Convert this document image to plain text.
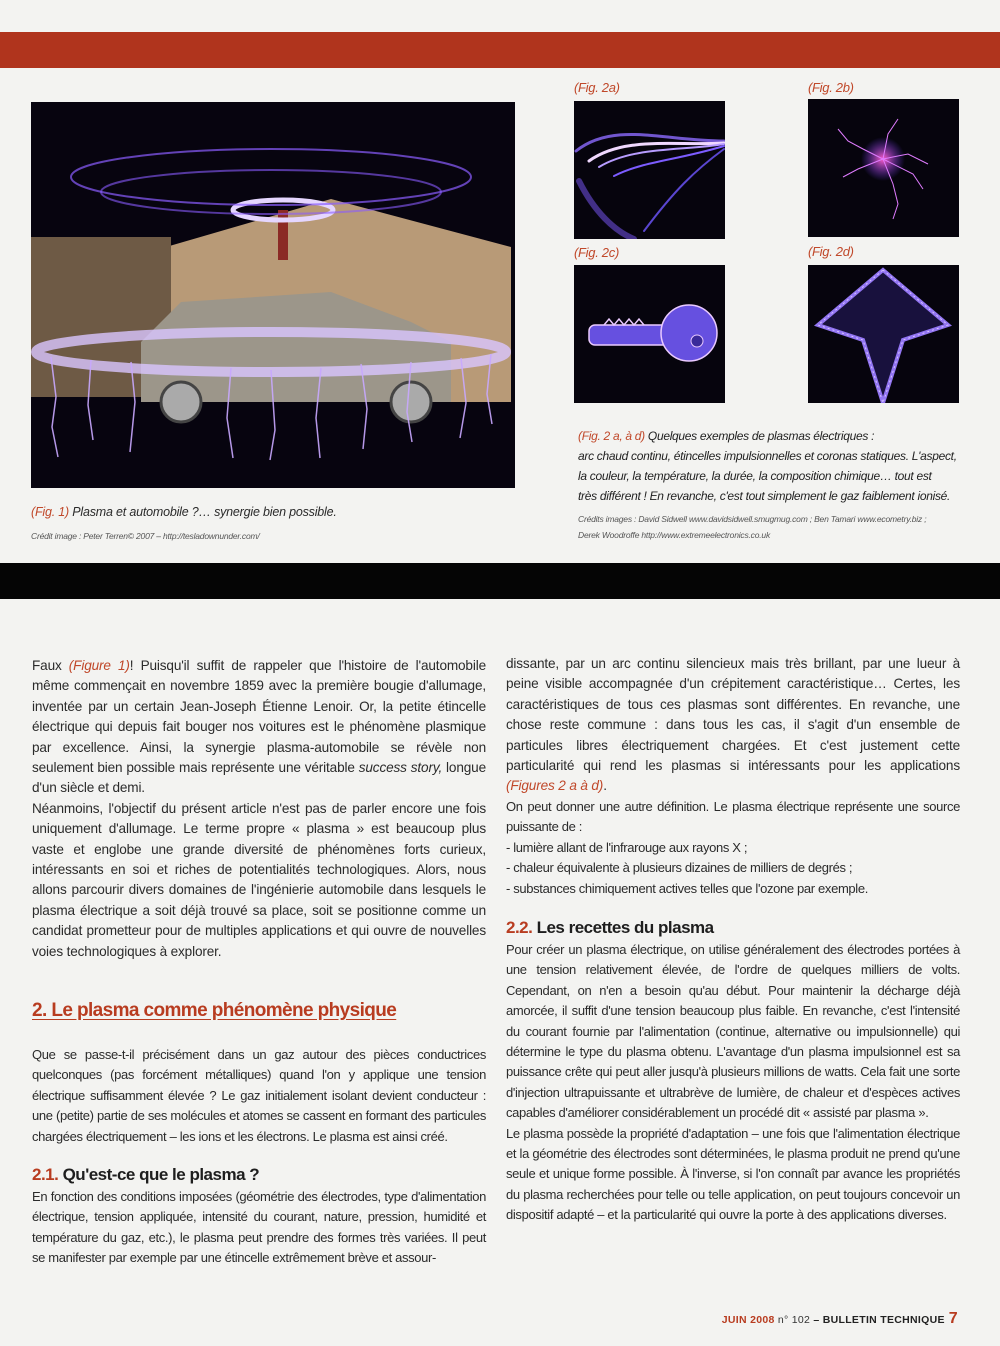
(Fig. 1) Plasma et automobile ?… synergie bien possible.
Crédit image : Peter Terren© 2007 – http://tesladownunder.com/
(Fig. 2a)	(Fig. 2b)
(Fig. 2c)	(Fig. 2d)
(Fig. 2 a, à d) Quelques exemples de plasmas électriques :
arc chaud continu, étincelles impulsionnelles et coronas statiques. L'aspect,
la couleur, la température, la durée, la composition chimique… tout est
très différent ! En revanche, c'est tout simplement le gaz faiblement ionisé.
Crédits images : David Sidwell www.davidsidwell.smugmug.com ; Ben Tamari www.ecometry.biz ;
Derek Woodroffe http://www.extremeelectronics.co.uk

Faux (Figure 1)! Puisqu'il suffit de rappeler que l'histoire de l'automobile même commençait en novembre 1859 avec la première bougie d'allumage, inventée par un certain Jean-Joseph Étienne Lenoir. Or, la petite étincelle électrique qui depuis fait bouger nos voitures est le phénomène plasmique par excellence. Ainsi, la synergie plasma-automobile se révèle non seulement bien possible mais représente une véritable success story, longue d'un siècle et demi.

Néanmoins, l'objectif du présent article n'est pas de parler encore une fois uniquement d'allumage. Le terme propre « plasma » est beaucoup plus vaste et englobe une grande diversité de phénomènes forts curieux, intéressants en soi et riches de potentialités technologiques. Alors, nous allons parcourir divers domaines de l'ingénierie automobile dans lesquels le plasma électrique a soit déjà trouvé sa place, soit se positionne comme un candidat prometteur pour de multiples applications et qui ouvre de nouvelles voies technologiques à explorer.

2. Le plasma comme phénomène physique

Que se passe-t-il précisément dans un gaz autour des pièces conductrices quelconques (pas forcément métalliques) quand l'on y applique une tension électrique suffisamment élevée ? Le gaz initialement isolant devient conducteur : une (petite) partie de ses molécules et atomes se cassent en formant des particules chargées électriquement – les ions et les électrons. Le plasma est ainsi créé.

2.1. Qu'est-ce que le plasma ?

En fonction des conditions imposées (géométrie des électrodes, type d'alimentation électrique, tension appliquée, intensité du courant, nature, pression, humidité et température du gaz, etc.), le plasma peut prendre des formes très variées. Il peut se manifester par exemple par une étincelle extrêmement brève et assour-

dissante, par un arc continu silencieux mais très brillant, par une lueur à peine visible accompagnée d'un crépitement caractéristique… Certes, les caractéristiques de tous ces plasmas sont différentes. En revanche, une chose reste commune : dans tous les cas, il s'agit d'un ensemble de particules libres électriquement chargées. Et c'est justement cette particularité qui rend les plasmas si intéressants pour les applications (Figures 2 a à d).

On peut donner une autre définition. Le plasma électrique représente une source puissante de :

- lumière allant de l'infrarouge aux rayons X ;
- chaleur équivalente à plusieurs dizaines de milliers de degrés ;
- substances chimiquement actives telles que l'ozone par exemple.
2.2. Les recettes du plasma

Pour créer un plasma électrique, on utilise généralement des électrodes portées à une tension relativement élevée, de l'ordre de quelques milliers de volts. Cependant, on n'en a besoin qu'au début. Pour maintenir la décharge déjà amorcée, il suffit d'une tension beaucoup plus faible. En revanche, c'est l'intensité du courant fournie par l'alimentation (continue, alternative ou impulsionnelle) qui détermine le type du plasma obtenu. L'avantage d'un plasma impulsionnel est sa puissance crête qui peut aller jusqu'à plusieurs millions de watts. Cela fait une sorte d'injection ultrapuissante et ultrabrève de lumière, de chaleur et d'espèces actives capables d'améliorer considérablement un procédé dit « assisté par plasma ».

Le plasma possède la propriété d'adaptation – une fois que l'alimentation électrique et la géométrie des électrodes sont déterminées, le plasma produit ne prend qu'une seule et unique forme possible. À l'inverse, si l'on connaît par avance les propriétés du plasma recherchées pour telle ou telle application, on peut toujours concevoir un dispositif adapté – et la particularité qui ouvre la porte à des applications diverses.

JUIN 2008 n° 102 – BULLETIN TECHNIQUE 7
